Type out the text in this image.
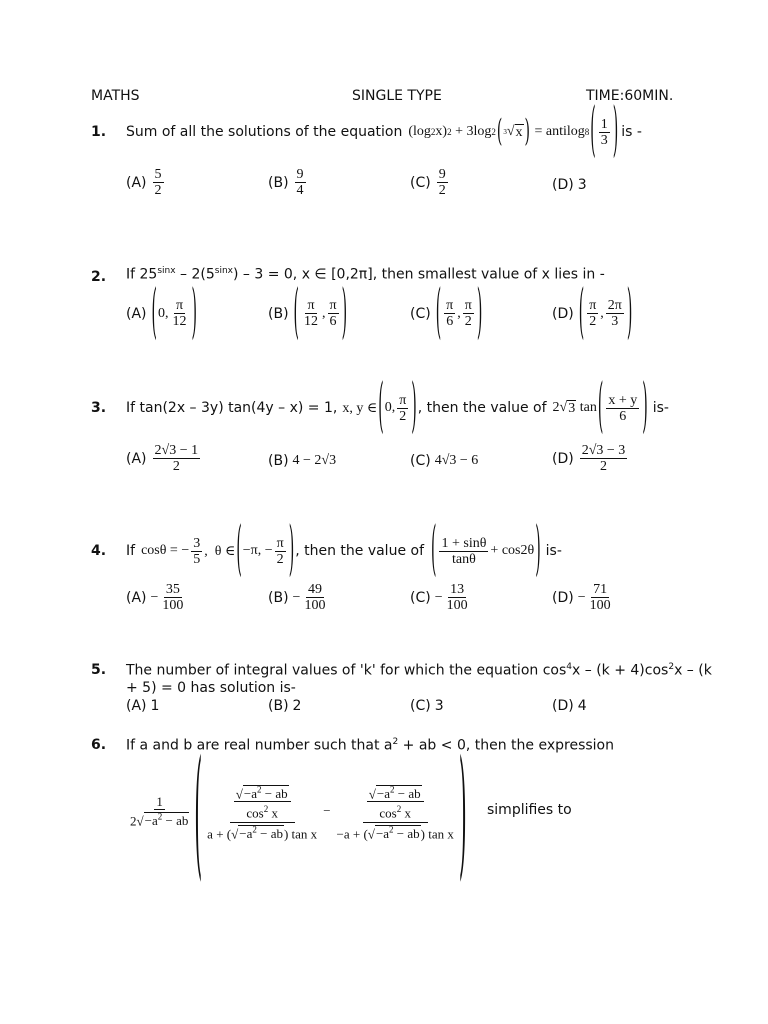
MATHS	SINGLE TYPE	TIME:60MIN.
1. Sum of all the solutions of the equation (log 2 x) 2 + 3log 2 ( 3 √ x ) = antilog 8 ( $\frac{1}{3}$ ) is -
$(A) \frac{5}{2}$	$(B) \frac{9}{4}$	$(C) \frac{9}{2}$	(D) 3
2. If $25^{sinx} - 2(5^{sinx}) - 3 = 0$, x ∈ [0,2π], then smallest value of x lies in -
(A) ( 0, $\frac{\pi}{12}$ )	(B) ( $\frac{\pi}{12}$ , $\frac{\pi}{6}$ )	(C) ( $\frac{\pi}{6}$ , $\frac{\pi}{2}$ )	(D) ( $\frac{\pi}{2}$ , $\frac{2\pi}{3}$ )
3. If tan(2x – 3y) tan(4y – x) = 1, x, y ∈ ( 0, $\frac{\pi}{2}$ ) , then the value of 2√ 3 tan ( $\frac{x + y}{6}$ ) is-
$(A) \frac{2√3 - 1}{2}$	(B) 4 − 2√3	(C) 4√3 − 6	$(D) \frac{2√3 - 3}{2}$
4. If cosθ = − $\frac{3}{5}$ ,  θ ∈ ( −π, − $\frac{\pi}{2}$ ) , then the value of ( $\frac{1 + \sin\theta}{\tan\theta} + \cos 2\theta$ ) is-
$(A) - \frac{35}{100}$	$(B) - \frac{49}{100}$	$(C) - \frac{13}{100}$	$(D) - \frac{71}{100}$
5. The number of integral values of 'k' for which the equation $\cos^4x - (k + 4)\cos^2x - (k$
+ 5) = 0 has solution is-
(A) 1	(B) 2	(C) 3	(D) 4
6. If a and b are real number such that $a^2$ + ab < 0, then the expression
$\frac{1}{2√-a^2 - ab}$ ( $\frac{\frac{√-a^2 - ab}{\cos^2 x}}{a + (√-a^2 - ab) \tan x} - \frac{\frac{√-a^2 - ab}{\cos^2 x}}{-a + (√-a^2 - ab) \tan x}$ ) simplifies to
